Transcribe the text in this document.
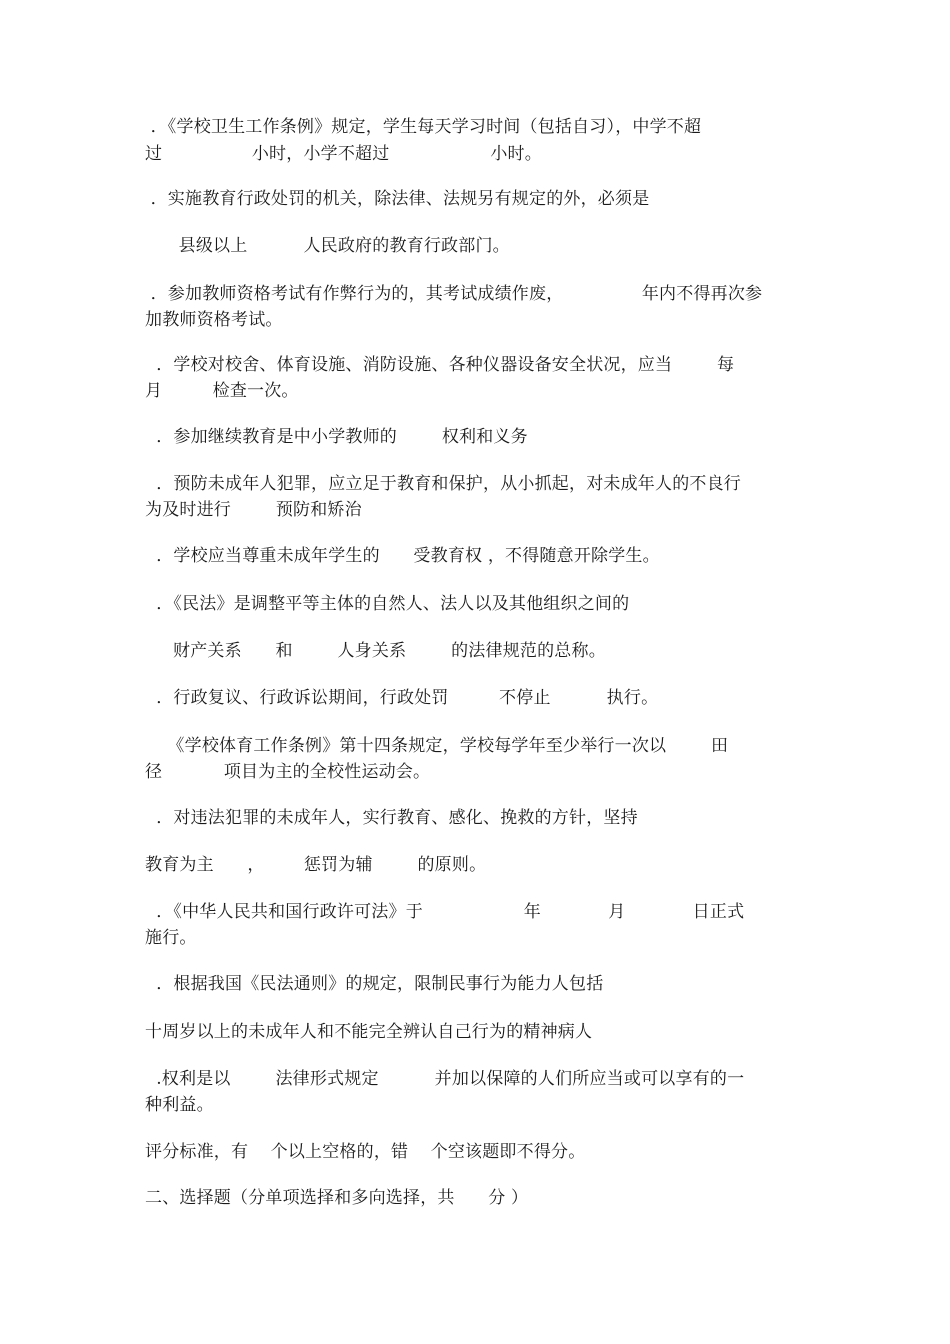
．《学校卫生工作条例》规定，学生每天学习时间（包括自习），中学不超
过                小时，小学不超过                  小时。
．实施教育行政处罚的机关，除法律、法规另有规定的外，必须是
县级以上          人民政府的教育行政部门。
．参加教师资格考试有作弊行为的，其考试成绩作废，              年内不得再次参
加教师资格考试。
．学校对校舍、体育设施、消防设施、各种仪器设备安全状况，应当        每
月         检查一次。
．参加继续教育是中小学教师的        权利和义务
．预防未成年人犯罪，应立足于教育和保护，从小抓起，对未成年人的不良行
为及时进行        预防和矫治
．学校应当尊重未成年学生的      受教育权 ，不得随意开除学生。
．《民法》是调整平等主体的自然人、法人以及其他组织之间的
财产关系      和        人身关系        的法律规范的总称。
．行政复议、行政诉讼期间，行政处罚         不停止          执行。
《学校体育工作条例》第十四条规定，学校每学年至少举行一次以        田
径           项目为主的全校性运动会。
．对违法犯罪的未成年人，实行教育、感化、挽救的方针，坚持
教育为主      ，       惩罚为辅        的原则。
．《中华人民共和国行政许可法》于                  年            月            日正式
施行。
．根据我国《民法通则》的规定，限制民事行为能力人包括
十周岁以上的未成年人和不能完全辨认自己行为的精神病人
.权利是以        法律形式规定          并加以保障的人们所应当或可以享有的一
种利益。
评分标准，有    个以上空格的，错    个空该题即不得分。
二、选择题（分单项选择和多向选择，共      分 ）
